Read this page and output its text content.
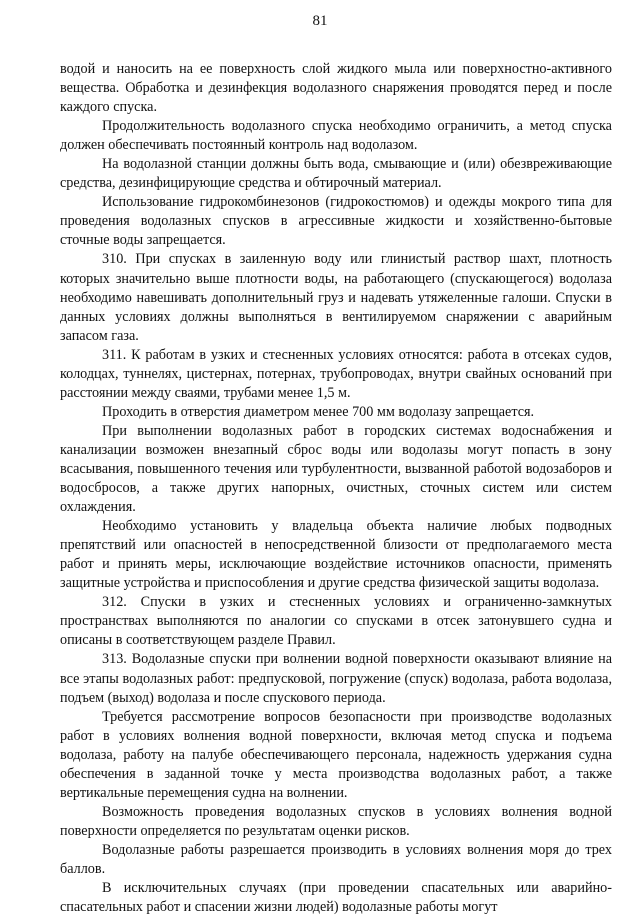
81

водой и наносить на ее поверхность слой жидкого мыла или поверхностно-активного вещества. Обработка и дезинфекция водолазного снаряжения проводятся перед и после каждого спуска.

Продолжительность водолазного спуска необходимо ограничить, а метод спуска должен обеспечивать постоянный контроль над водолазом.

На водолазной станции должны быть вода, смывающие и (или) обезвреживающие средства, дезинфицирующие средства и обтирочный материал.

Использование гидрокомбинезонов (гидрокостюмов) и одежды мокрого типа для проведения водолазных спусков в агрессивные жидкости и хозяйственно-бытовые сточные воды запрещается.

310. При спусках в заиленную воду или глинистый раствор шахт, плотность которых значительно выше плотности воды, на работающего (спускающегося) водолаза необходимо навешивать дополнительный груз и надевать утяжеленные галоши. Спуски в данных условиях должны выполняться в вентилируемом снаряжении с аварийным запасом газа.

311. К работам в узких и стесненных условиях относятся: работа в отсеках судов, колодцах, туннелях, цистернах, потернах, трубопроводах, внутри свайных оснований при расстоянии между сваями, трубами менее 1,5 м.

Проходить в отверстия диаметром менее 700 мм водолазу запрещается.

При выполнении водолазных работ в городских системах водоснабжения и канализации возможен внезапный сброс воды или водолазы могут попасть в зону всасывания, повышенного течения или турбулентности, вызванной работой водозаборов и водосбросов, а также других напорных, очистных, сточных систем или систем охлаждения.

Необходимо установить у владельца объекта наличие любых подводных препятствий или опасностей в непосредственной близости от предполагаемого места работ и принять меры, исключающие воздействие источников опасности, применять защитные устройства и приспособления и другие средства физической защиты водолаза.

312. Спуски в узких и стесненных условиях и ограниченно-замкнутых пространствах выполняются по аналогии со спусками в отсек затонувшего судна и описаны в соответствующем разделе Правил.

313. Водолазные спуски при волнении водной поверхности оказывают влияние на все этапы водолазных работ: предпусковой, погружение (спуск) водолаза, работа водолаза, подъем (выход) водолаза и после спускового периода.

Требуется рассмотрение вопросов безопасности при производстве водолазных работ в условиях волнения водной поверхности, включая метод спуска и подъема водолаза, работу на палубе обеспечивающего персонала, надежность удержания судна обеспечения в заданной точке у места производства водолазных работ, а также вертикальные перемещения судна на волнении.

Возможность проведения водолазных спусков в условиях волнения водной поверхности определяется по результатам оценки рисков.

Водолазные работы разрешается производить в условиях волнения моря до трех баллов.

В исключительных случаях (при проведении спасательных или аварийно-спасательных работ и спасении жизни людей) водолазные работы могут
